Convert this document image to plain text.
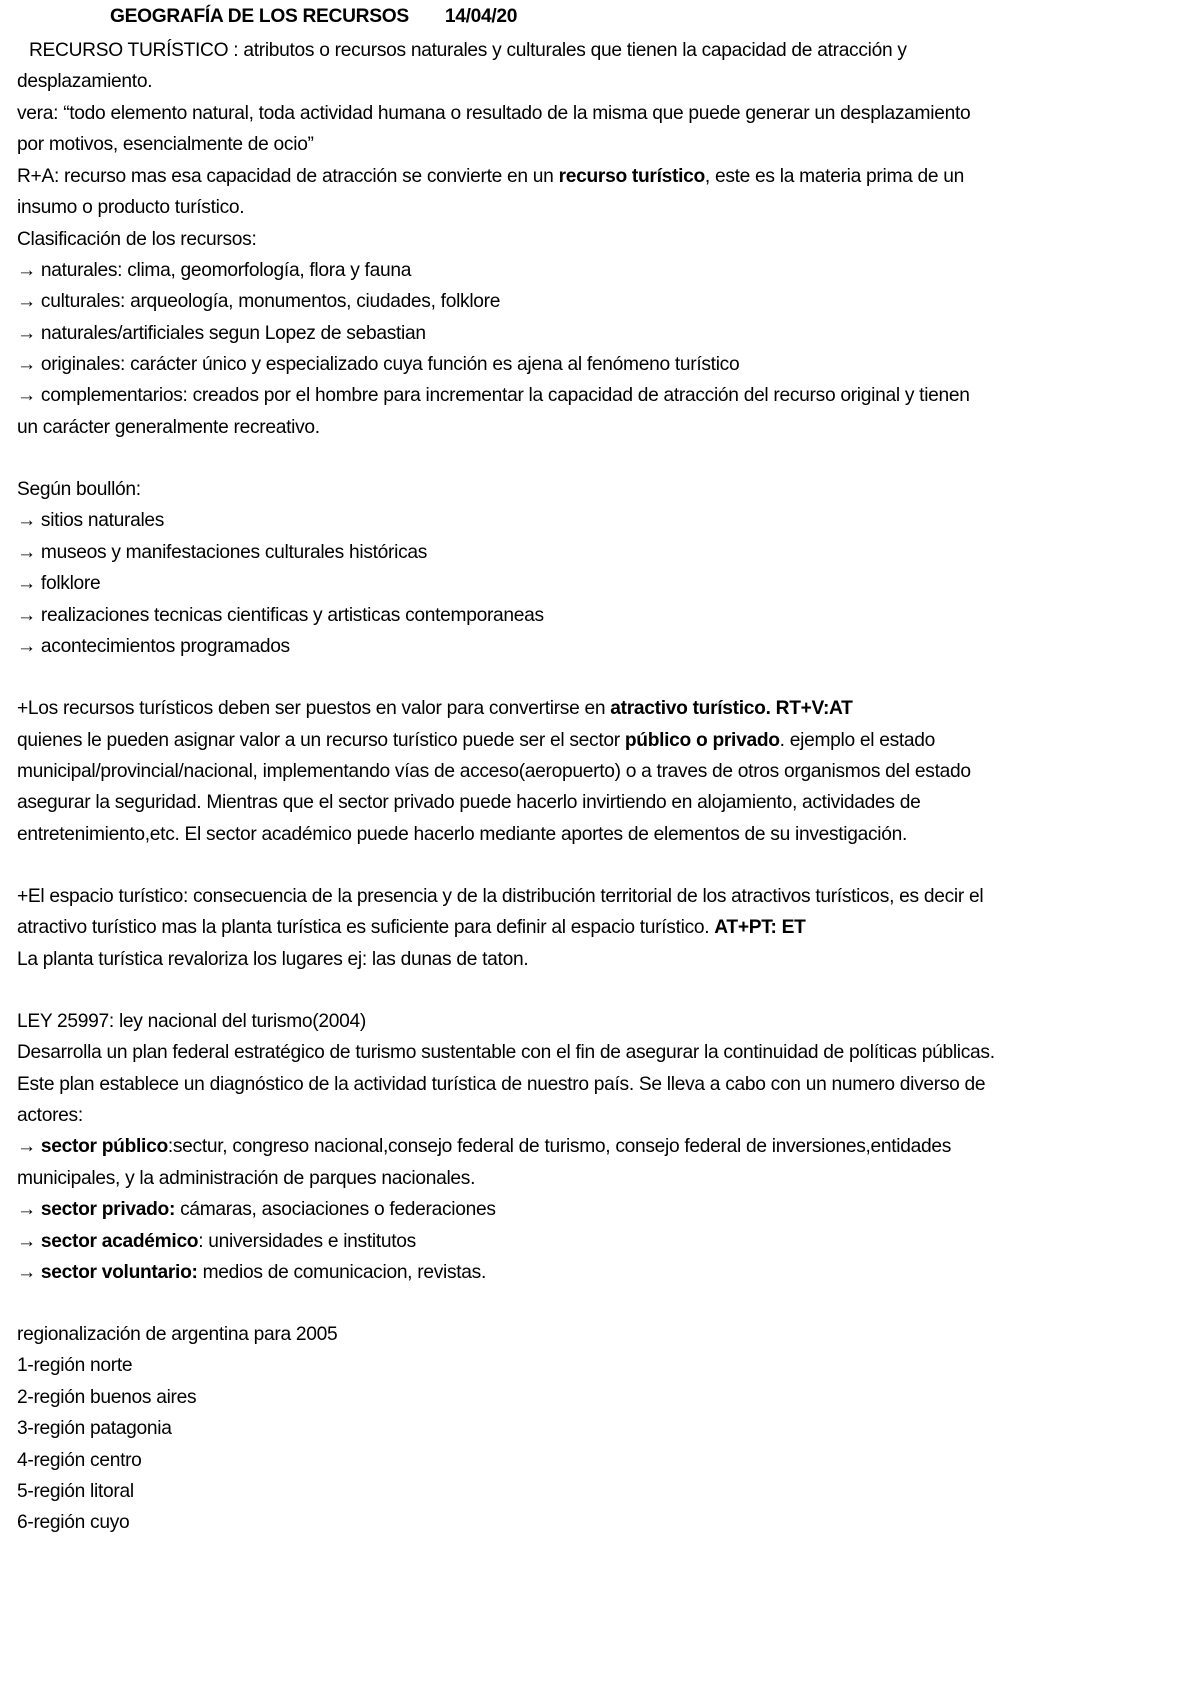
GEOGRAFÍA DE LOS RECURSOS 14/04/20
RECURSO TURÍSTICO : atributos o recursos naturales y culturales que tienen la capacidad de atracción y
desplazamiento.
vera: “todo elemento natural, toda actividad humana o resultado de la misma que puede generar un desplazamiento
por motivos, esencialmente de ocio”
R+A: recurso mas esa capacidad de atracción se convierte en un recurso turístico, este es la materia prima de un
insumo o producto turístico.
Clasificación de los recursos:
→ naturales: clima, geomorfología, flora y fauna
→ culturales: arqueología, monumentos, ciudades, folklore
→ naturales/artificiales segun Lopez de sebastian
→ originales: carácter único y especializado cuya función es ajena al fenómeno turístico
→ complementarios: creados por el hombre para incrementar la capacidad de atracción del recurso original y tienen
un carácter generalmente recreativo.
Según boullón:
→ sitios naturales
→ museos y manifestaciones culturales históricas
→ folklore
→ realizaciones tecnicas cientificas y artisticas contemporaneas
→ acontecimientos programados
+Los recursos turísticos deben ser puestos en valor para convertirse en atractivo turístico. RT+V:AT
quienes le pueden asignar valor a un recurso turístico puede ser el sector público o privado. ejemplo el estado
municipal/provincial/nacional, implementando vías de acceso(aeropuerto) o a traves de otros organismos del estado
asegurar la seguridad. Mientras que el sector privado puede hacerlo invirtiendo en alojamiento, actividades de
entretenimiento,etc. El sector académico puede hacerlo mediante aportes de elementos de su investigación.
+El espacio turístico: consecuencia de la presencia y de la distribución territorial de los atractivos turísticos, es decir el
atractivo turístico mas la planta turística es suficiente para definir al espacio turístico. AT+PT: ET
La planta turística revaloriza los lugares ej: las dunas de taton.
LEY 25997: ley nacional del turismo(2004)
Desarrolla un plan federal estratégico de turismo sustentable con el fin de asegurar la continuidad de políticas públicas.
Este plan establece un diagnóstico de la actividad turística de nuestro país. Se lleva a cabo con un numero diverso de
actores:
→ sector público:sectur, congreso nacional,consejo federal de turismo, consejo federal de inversiones,entidades
municipales, y la administración de parques nacionales.
→ sector privado: cámaras, asociaciones o federaciones
→ sector académico: universidades e institutos
→ sector voluntario: medios de comunicacion, revistas.
regionalización de argentina para 2005
1-región norte
2-región buenos aires
3-región patagonia
4-región centro
5-región litoral
6-región cuyo
